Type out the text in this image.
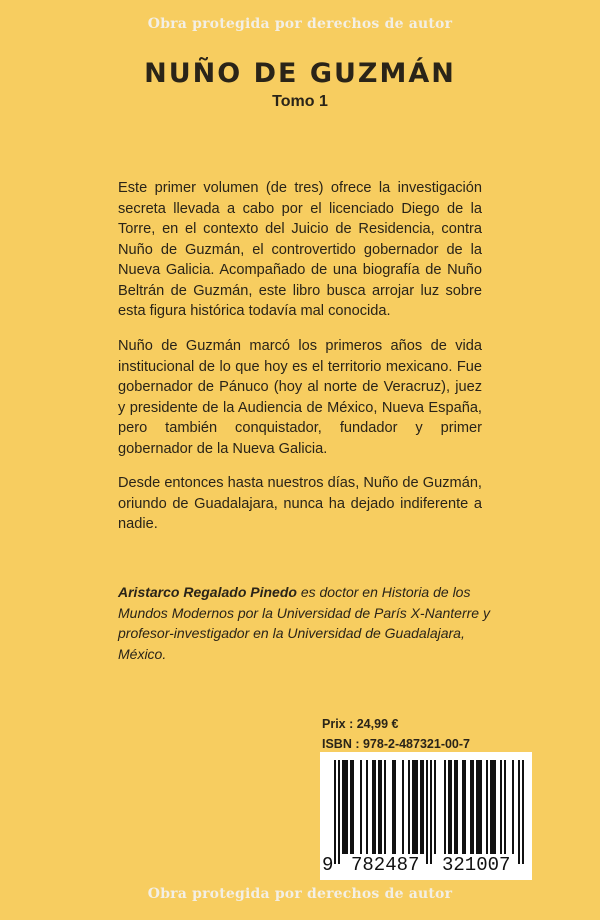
Obra protegida por derechos de autor
NUÑO DE GUZMÁN
Tomo 1
Este primer volumen (de tres) ofrece la investigación secreta llevada a cabo por el licenciado Diego de la Torre, en el contexto del Juicio de Residencia, contra Nuño de Guzmán, el controvertido gobernador de la Nueva Galicia. Acompañado de una biografía de Nuño Beltrán de Guzmán, este libro busca arrojar luz sobre esta figura histórica todavía mal conocida.
Nuño de Guzmán marcó los primeros años de vida institucional de lo que hoy es el territorio mexicano. Fue gobernador de Pánuco (hoy al norte de Veracruz), juez y presidente de la Audiencia de México, Nueva España, pero también conquistador, fundador y primer gobernador de la Nueva Galicia.
Desde entonces hasta nuestros días, Nuño de Guzmán, oriundo de Guadalajara, nunca ha dejado indiferente a nadie.
Aristarco Regalado Pinedo es doctor en Historia de los Mundos Modernos por la Universidad de París X-Nanterre y profesor-investigador en la Universidad de Guadalajara, México.
Prix : 24,99 €
ISBN : 978-2-487321-00-7
9 782487 321007
Obra protegida por derechos de autor
